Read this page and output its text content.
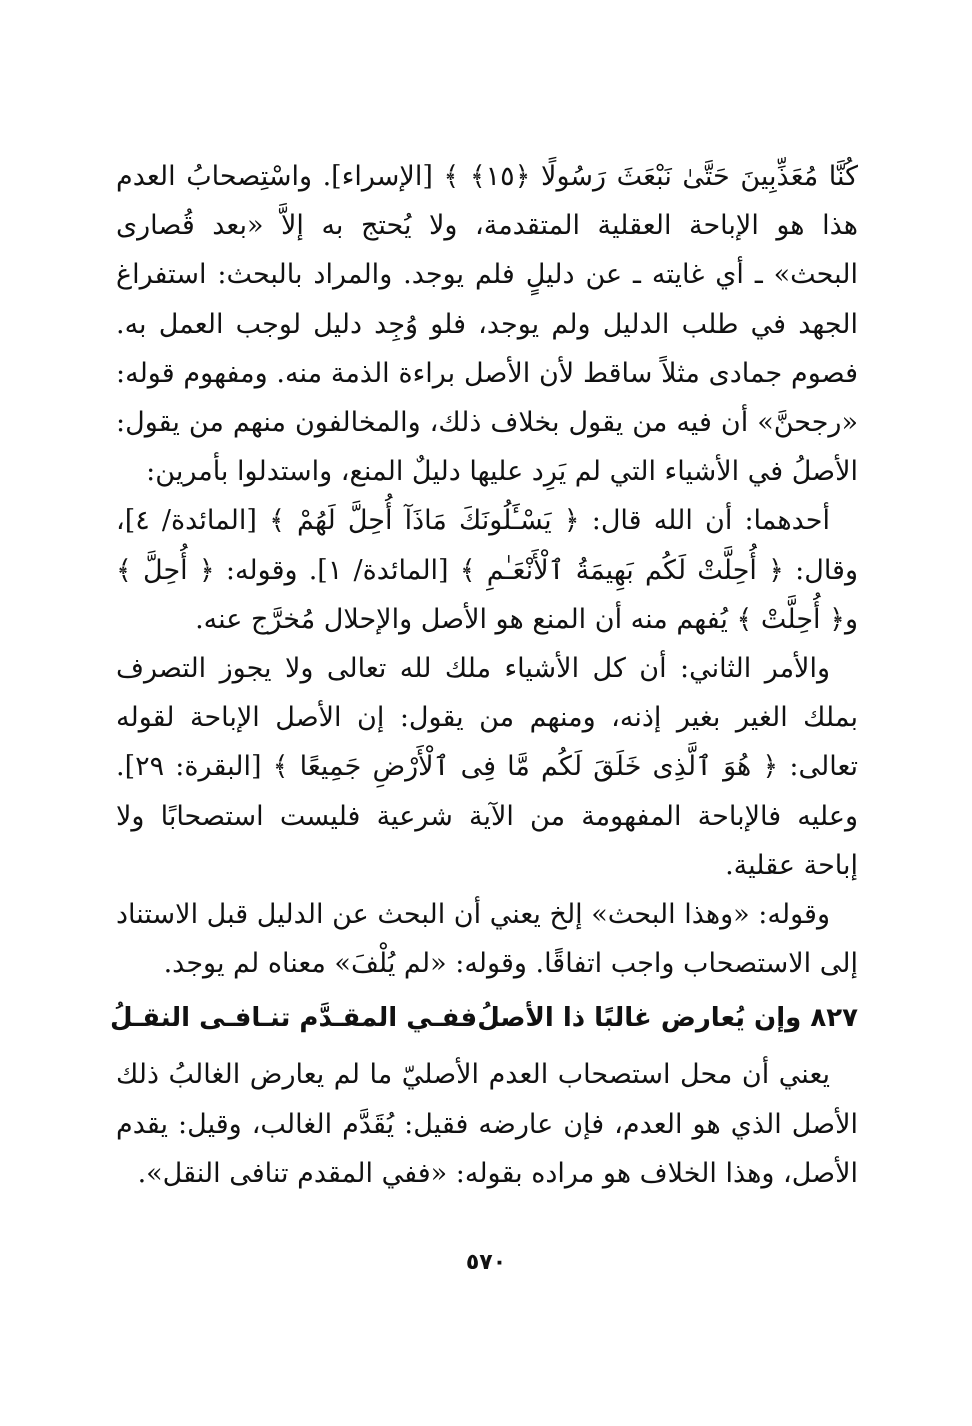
كُنَّا مُعَذِّبِينَ حَتَّىٰ نَبْعَثَ رَسُولًا ﴿١٥﴾ ﴾ [الإسراء]. واسْتِصحابُ العدم هذا هو الإباحة العقلية المتقدمة، ولا يُحتج به إلاَّ «بعد قُصارى البحث» ـ أي غايته ـ عن دليلٍ فلم يوجد. والمراد بالبحث: استفراغ الجهد في طلب الدليل ولم يوجد، فلو وُجِد دليل لوجب العمل به. فصوم جمادى مثلاً ساقط لأن الأصل براءة الذمة منه. ومفهوم قوله: «رجحنَّ» أن فيه من يقول بخلاف ذلك، والمخالفون منهم من يقول: الأصلُ في الأشياء التي لم يَرِد عليها دليلٌ المنع، واستدلوا بأمرين:

أحدهما: أن الله قال: ﴿ يَسْـَٔلُونَكَ مَاذَآ أُحِلَّ لَهُمْ ﴾ [المائدة/ ٤]، وقال: ﴿ أُحِلَّتْ لَكُم بَهِيمَةُ ٱلْأَنْعَـٰمِ ﴾ [المائدة/ ١]. وقوله: ﴿ أُحِلَّ ﴾ و﴿ أُحِلَّتْ ﴾ يُفهم منه أن المنع هو الأصل والإحلال مُخرَّج عنه.

والأمر الثاني: أن كل الأشياء ملك لله تعالى ولا يجوز التصرف بملك الغير بغير إذنه، ومنهم من يقول: إن الأصل الإباحة لقوله تعالى: ﴿ هُوَ ٱلَّذِى خَلَقَ لَكُم مَّا فِى ٱلْأَرْضِ جَمِيعًا ﴾ [البقرة: ٢٩]. وعليه فالإباحة المفهومة من الآية شرعية فليست استصحابًا ولا إباحة عقلية.

وقوله: «وهذا البحث» إلخ يعني أن البحث عن الدليل قبل الاستناد إلى الاستصحاب واجب اتفاقًا. وقوله: «لم يُلْفَ» معناه لم يوجد.

٨٢٧ وإن يُعارض غالبًا ذا الأصلُ
ففـي المقـدَّم تنـافـى النقـلُ

يعني أن محل استصحاب العدم الأصليّ ما لم يعارض الغالبُ ذلك الأصل الذي هو العدم، فإن عارضه فقيل: يُقَدَّم الغالب، وقيل: يقدم الأصل، وهذا الخلاف هو مراده بقوله: «ففي المقدم تنافى النقل».

٥٧٠
